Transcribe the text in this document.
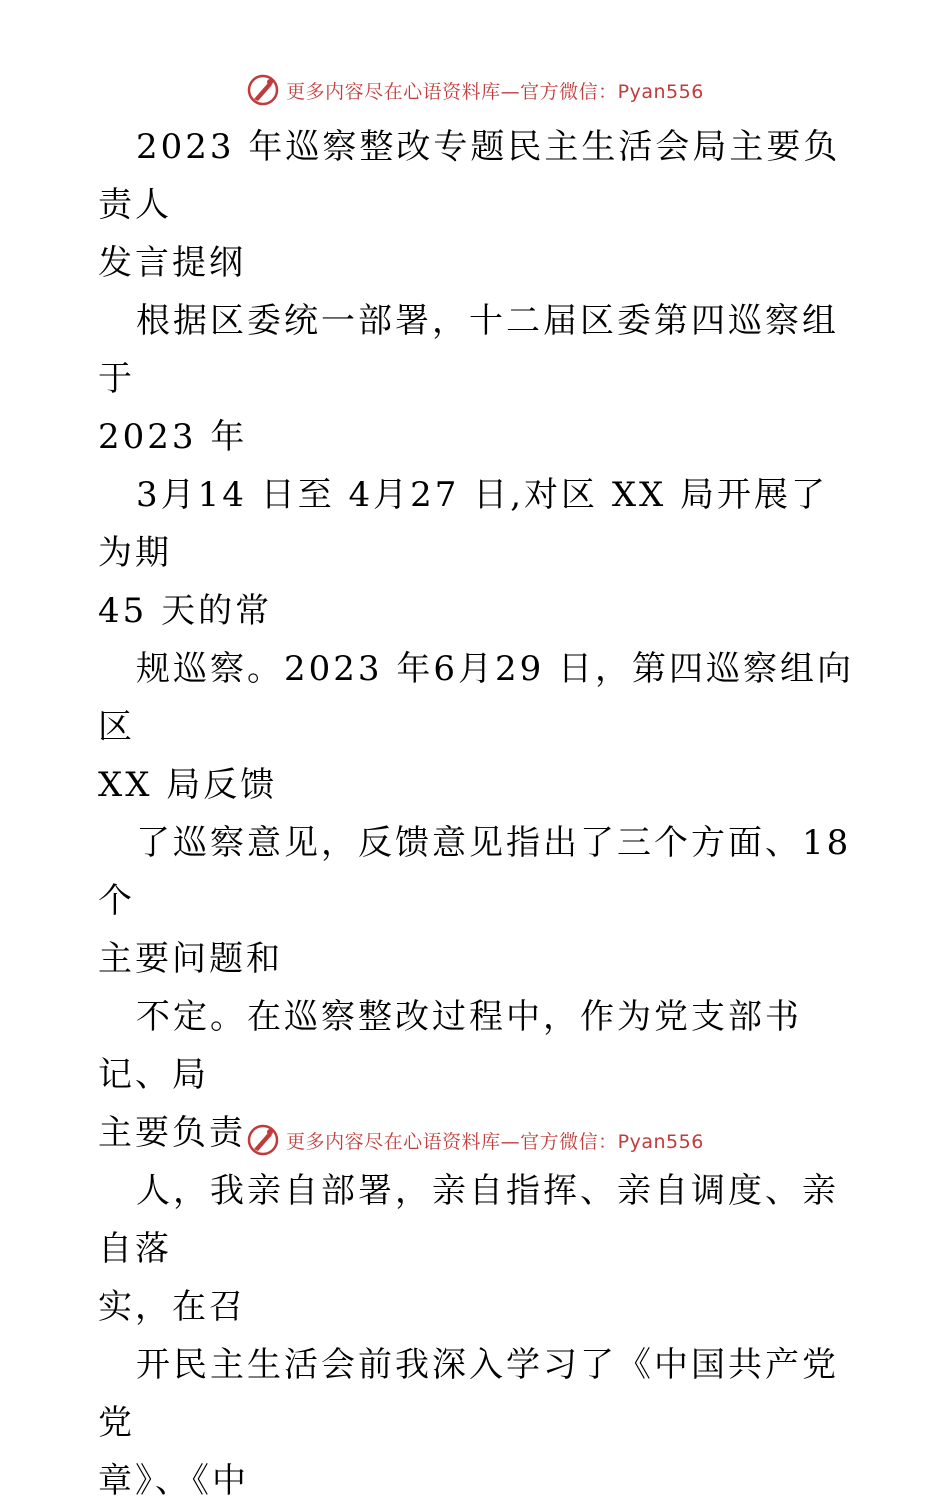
更多内容尽在心语资料库—官方微信：Pyan556
2023 年巡察整改专题民主生活会局主要负责人
发言提纲
根据区委统一部署，十二届区委第四巡察组于
2023 年
3月14 日至 4月27 日,对区 XX 局开展了为期
45 天的常
规巡察。2023 年6月29 日，第四巡察组向区
XX 局反馈
了巡察意见，反馈意见指出了三个方面、18 个
主要问题和
不定。在巡察整改过程中，作为党支部书记、局
主要负责
人，我亲自部署，亲自指挥、亲自调度、亲自落
实，在召
开民主生活会前我深入学习了《中国共产党党
章》、《中
更多内容尽在心语资料库—官方微信：Pyan556
